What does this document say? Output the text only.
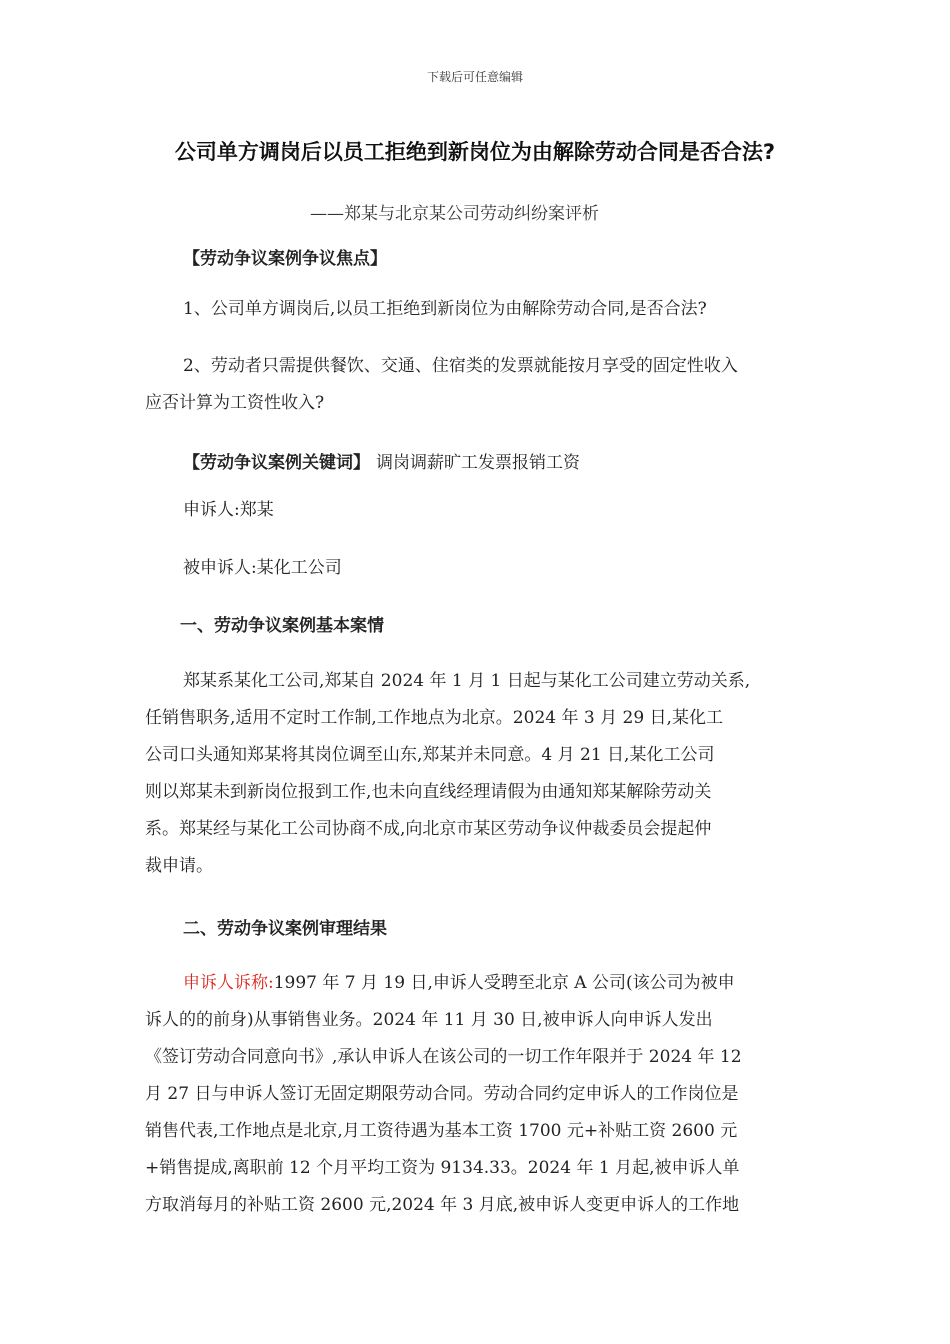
下载后可任意编辑
公司单方调岗后以员工拒绝到新岗位为由解除劳动合同是否合法?
——郑某与北京某公司劳动纠纷案评析
【劳动争议案例争议焦点】
1、公司单方调岗后,以员工拒绝到新岗位为由解除劳动合同,是否合法?
2、劳动者只需提供餐饮、交通、住宿类的发票就能按月享受的固定性收入
应否计算为工资性收入?
【劳动争议案例关键词】 调岗调薪旷工发票报销工资
申诉人:郑某
被申诉人:某化工公司
一、劳动争议案例基本案情
郑某系某化工公司,郑某自 2024 年 1 月 1 日起与某化工公司建立劳动关系,
任销售职务,适用不定时工作制,工作地点为北京。2024 年 3 月 29 日,某化工
公司口头通知郑某将其岗位调至山东,郑某并未同意。4 月 21 日,某化工公司
则以郑某未到新岗位报到工作,也未向直线经理请假为由通知郑某解除劳动关
系。郑某经与某化工公司协商不成,向北京市某区劳动争议仲裁委员会提起仲
裁申请。
二、劳动争议案例审理结果
申诉人诉称:1997 年 7 月 19 日,申诉人受聘至北京 A 公司(该公司为被申
诉人的的前身)从事销售业务。2024 年 11 月 30 日,被申诉人向申诉人发出
《签订劳动合同意向书》,承认申诉人在该公司的一切工作年限并于 2024 年 12
月 27 日与申诉人签订无固定期限劳动合同。劳动合同约定申诉人的工作岗位是
销售代表,工作地点是北京,月工资待遇为基本工资 1700 元+补贴工资 2600 元
+销售提成,离职前 12 个月平均工资为 9134.33。2024 年 1 月起,被申诉人单
方取消每月的补贴工资 2600 元,2024 年 3 月底,被申诉人变更申诉人的工作地
